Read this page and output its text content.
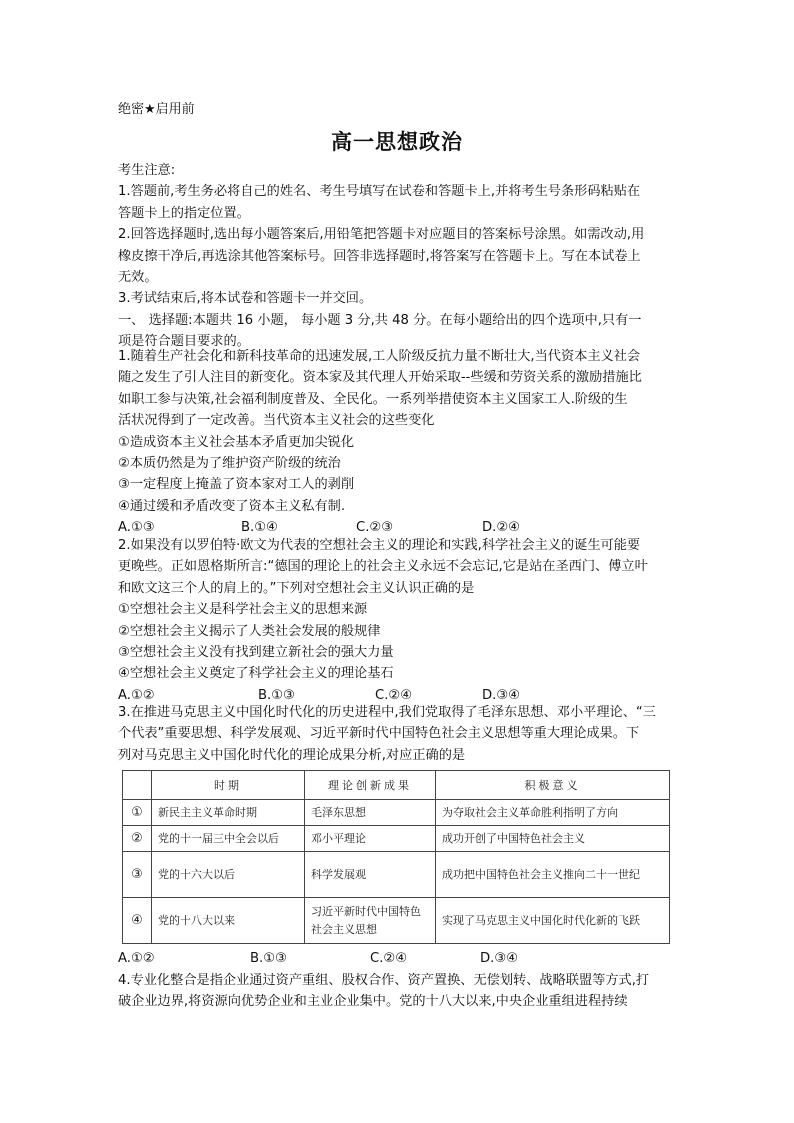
绝密★启用前
高一思想政治
考生注意:
1.答题前,考生务必将自己的姓名、考生号填写在试卷和答题卡上,并将考生号条形码粘贴在
答题卡上的指定位置。
2.回答选择题时,选出每小题答案后,用铅笔把答题卡对应题目的答案标号涂黑。如需改动,用
橡皮擦干净后,再选涂其他答案标号。回答非选择题时,将答案写在答题卡上。写在本试卷上
无效。
3.考试结束后,将本试卷和答题卡一并交回。
一、 选择题:本题共 16 小题， 每小题 3 分,共 48 分。在每小题给出的四个选项中,只有一
项是符合题目要求的。
1.随着生产社会化和新科技革命的迅速发展,工人阶级反抗力量不断壮大,当代资本主义社会
随之发生了引人注目的新变化。资本家及其代理人开始采取--些缓和劳资关系的激励措施比
如职工参与决策,社会福利制度普及、全民化。一系列举措使资本主义国家工人.阶级的生
活状况得到了一定改善。当代资本主义社会的这些变化
①造成资本主义社会基本矛盾更加尖锐化
②本质仍然是为了维护资产阶级的统治
③一定程度上掩盖了资本家对工人的剥削
④通过缓和矛盾改变了资本主义私有制.
A.①③	B.①④	C.②③	D.②④
2.如果没有以罗伯特·欧文为代表的空想社会主义的理论和实践,科学社会主义的诞生可能要
更晚些。正如恩格斯所言:“德国的理论上的社会主义永远不会忘记,它是站在圣西门、傅立叶
和欧文这三个人的肩上的。”下列对空想社会主义认识正确的是
①空想社会主义是科学社会主义的思想来源
②空想社会主义揭示了人类社会发展的般规律
③空想社会主义没有找到建立新社会的强大力量
④空想社会主义奠定了科学社会主义的理论基石
A.①②	B.①③	C.②④	D.③④
3.在推进马克思主义中国化时代化的历史进程中,我们党取得了毛泽东思想、邓小平理论、“三
个代表”重要思想、科学发展观、习近平新时代中国特色社会主义思想等重大理论成果。下
列对马克思主义中国化时代化的理论成果分析,对应正确的是
	时期	理论创新成果	积极意义
①	新民主主义革命时期	毛泽东思想	为夺取社会主义革命胜利指明了方向
②	党的十一届三中全会以后	邓小平理论	成功开创了中国特色社会主义
③	党的十六大以后	科学发展观	成功把中国特色社会主义推向二十一世纪
④	党的十八大以来	习近平新时代中国特色社会主义思想	实现了马克思主义中国化时代化新的飞跃
A.①②	B.①③	C.②④	D.③④
4.专业化整合是指企业通过资产重组、股权合作、资产置换、无偿划转、战略联盟等方式,打
破企业边界,将资源向优势企业和主业企业集中。党的十八大以来,中央企业重组进程持续
